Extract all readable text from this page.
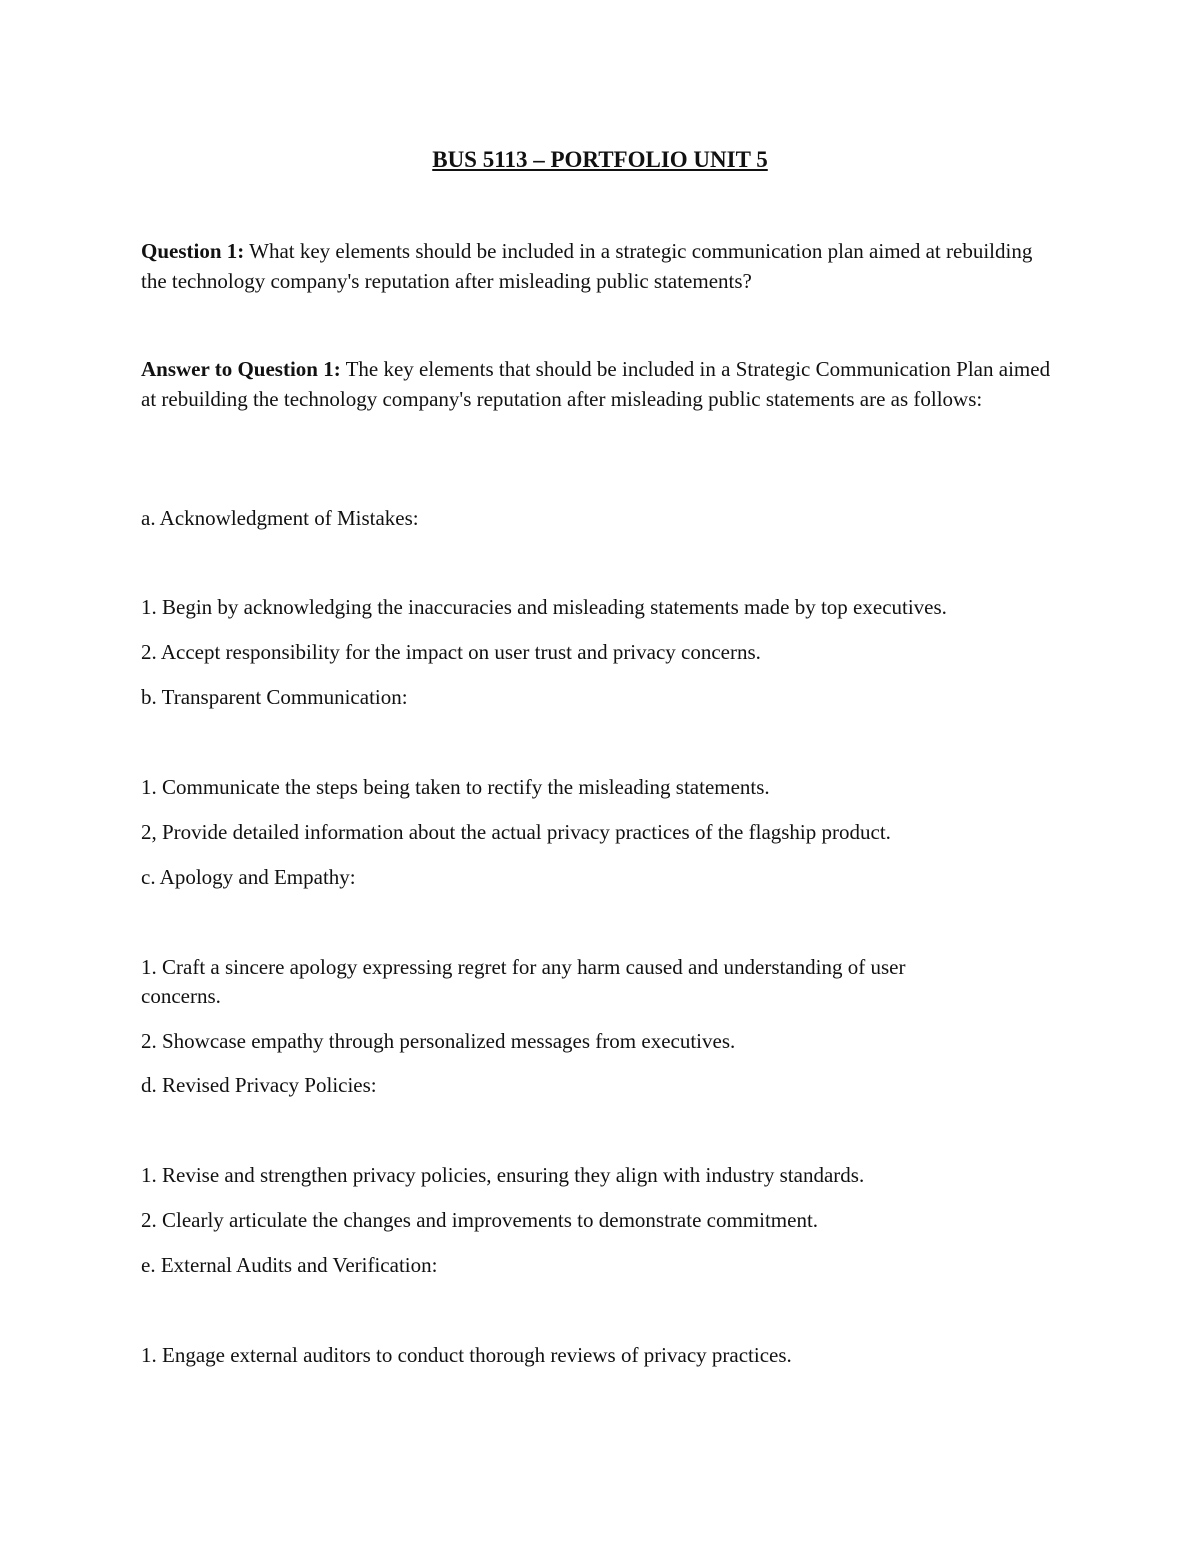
BUS 5113 – PORTFOLIO UNIT 5
Question 1: What key elements should be included in a strategic communication plan aimed at rebuilding the technology company's reputation after misleading public statements?
Answer to Question 1: The key elements that should be included in a Strategic Communication Plan aimed at rebuilding the technology company's reputation after misleading public statements are as follows:
a. Acknowledgment of Mistakes:
1. Begin by acknowledging the inaccuracies and misleading statements made by top executives.
2. Accept responsibility for the impact on user trust and privacy concerns.
b. Transparent Communication:
1. Communicate the steps being taken to rectify the misleading statements.
2, Provide detailed information about the actual privacy practices of the flagship product.
c. Apology and Empathy:
1. Craft a sincere apology expressing regret for any harm caused and understanding of user
concerns.
2. Showcase empathy through personalized messages from executives.
d. Revised Privacy Policies:
1. Revise and strengthen privacy policies, ensuring they align with industry standards.
2. Clearly articulate the changes and improvements to demonstrate commitment.
e. External Audits and Verification:
1. Engage external auditors to conduct thorough reviews of privacy practices.
